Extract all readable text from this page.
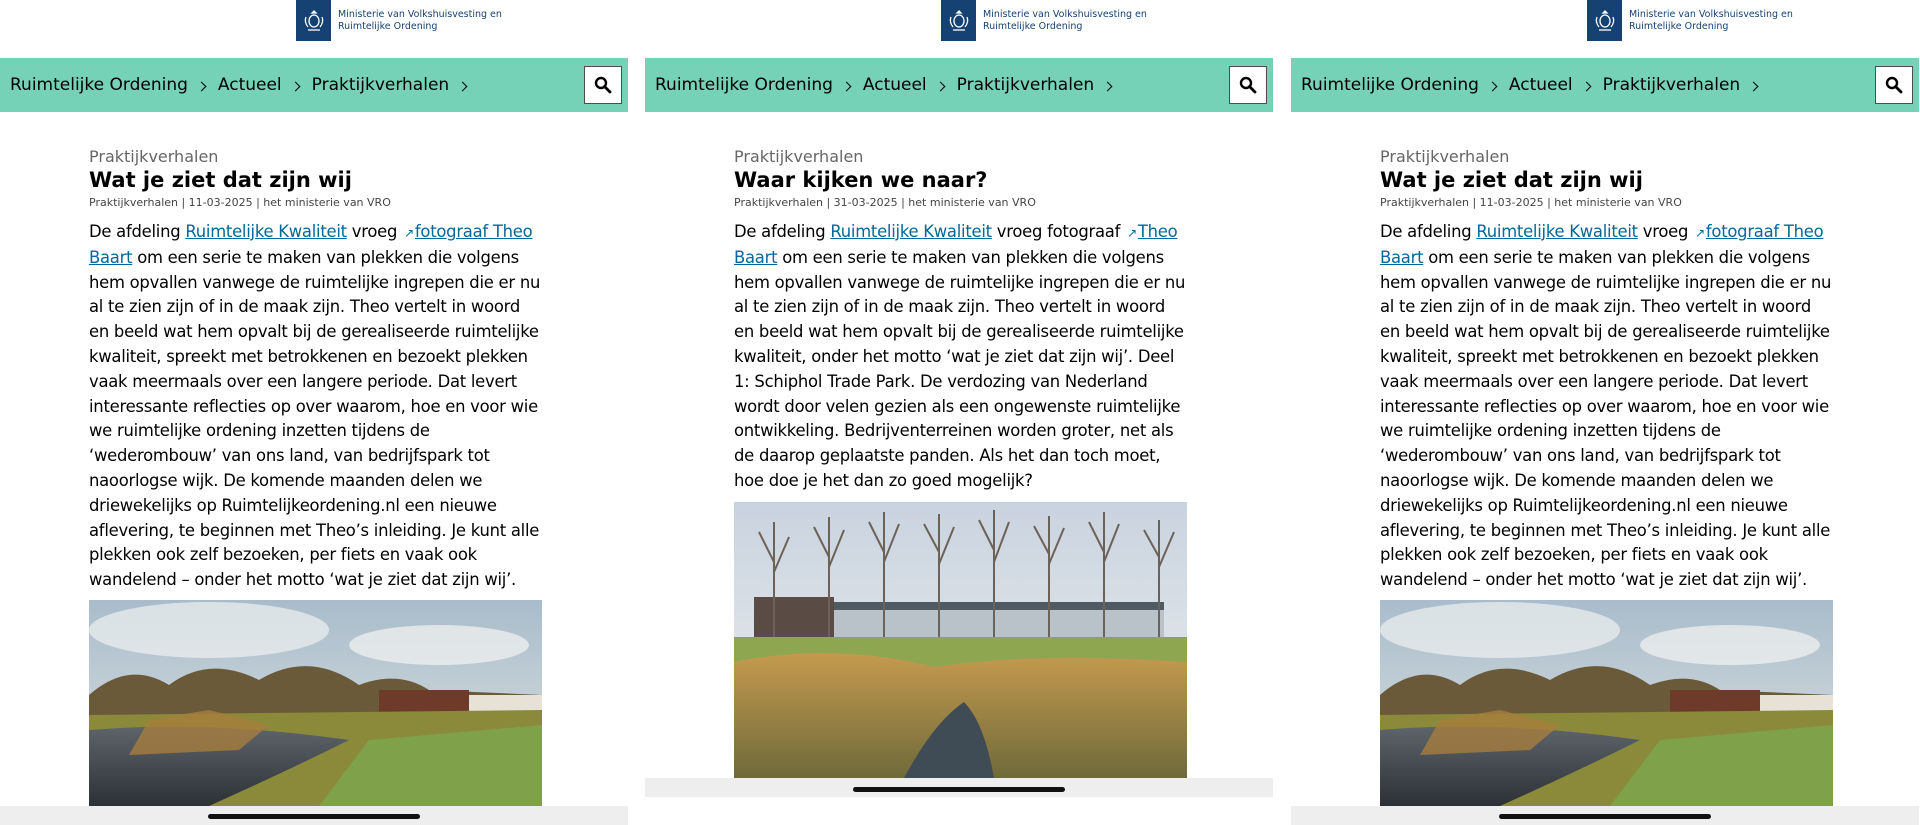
Ministerie van Volkshuisvesting en Ruimtelijke Ordening
Ruimtelijke Ordening Actueel Praktijkverhalen
Praktijkverhalen
Wat je ziet dat zijn wij
Praktijkverhalen | 11-03-2025 | het ministerie van VRO
De afdeling Ruimtelijke Kwaliteit vroeg ↗fotograaf Theo Baart om een serie te maken van plekken die volgens hem opvallen vanwege de ruimtelijke ingrepen die er nu al te zien zijn of in de maak zijn. Theo vertelt in woord en beeld wat hem opvalt bij de gerealiseerde ruimtelijke kwaliteit, spreekt met betrokkenen en bezoekt plekken vaak meermaals over een langere periode. Dat levert interessante reflecties op over waarom, hoe en voor wie we ruimtelijke ordening inzetten tijdens de ‘wederombouw’ van ons land, van bedrijfspark tot naoorlogse wijk. De komende maanden delen we driewekelijks op Ruimtelijkeordening.nl een nieuwe aflevering, te beginnen met Theo’s inleiding. Je kunt alle plekken ook zelf bezoeken, per fiets en vaak ook wandelend – onder het motto ‘wat je ziet dat zijn wij’.
Ministerie van Volkshuisvesting en Ruimtelijke Ordening
Ruimtelijke Ordening Actueel Praktijkverhalen
Praktijkverhalen
Waar kijken we naar?
Praktijkverhalen | 31-03-2025 | het ministerie van VRO
De afdeling Ruimtelijke Kwaliteit vroeg fotograaf ↗Theo Baart om een serie te maken van plekken die volgens hem opvallen vanwege de ruimtelijke ingrepen die er nu al te zien zijn of in de maak zijn. Theo vertelt in woord en beeld wat hem opvalt bij de gerealiseerde ruimtelijke kwaliteit, onder het motto ‘wat je ziet dat zijn wij’. Deel 1: Schiphol Trade Park. De verdozing van Nederland wordt door velen gezien als een ongewenste ruimtelijke ontwikkeling. Bedrijventerreinen worden groter, net als de daarop geplaatste panden. Als het dan toch moet, hoe doe je het dan zo goed mogelijk?
Ministerie van Volkshuisvesting en Ruimtelijke Ordening
Ruimtelijke Ordening Actueel Praktijkverhalen
Praktijkverhalen
Wat je ziet dat zijn wij
Praktijkverhalen | 11-03-2025 | het ministerie van VRO
De afdeling Ruimtelijke Kwaliteit vroeg ↗fotograaf Theo Baart om een serie te maken van plekken die volgens hem opvallen vanwege de ruimtelijke ingrepen die er nu al te zien zijn of in de maak zijn. Theo vertelt in woord en beeld wat hem opvalt bij de gerealiseerde ruimtelijke kwaliteit, spreekt met betrokkenen en bezoekt plekken vaak meermaals over een langere periode. Dat levert interessante reflecties op over waarom, hoe en voor wie we ruimtelijke ordening inzetten tijdens de ‘wederombouw’ van ons land, van bedrijfspark tot naoorlogse wijk. De komende maanden delen we driewekelijks op Ruimtelijkeordening.nl een nieuwe aflevering, te beginnen met Theo’s inleiding. Je kunt alle plekken ook zelf bezoeken, per fiets en vaak ook wandelend – onder het motto ‘wat je ziet dat zijn wij’.
